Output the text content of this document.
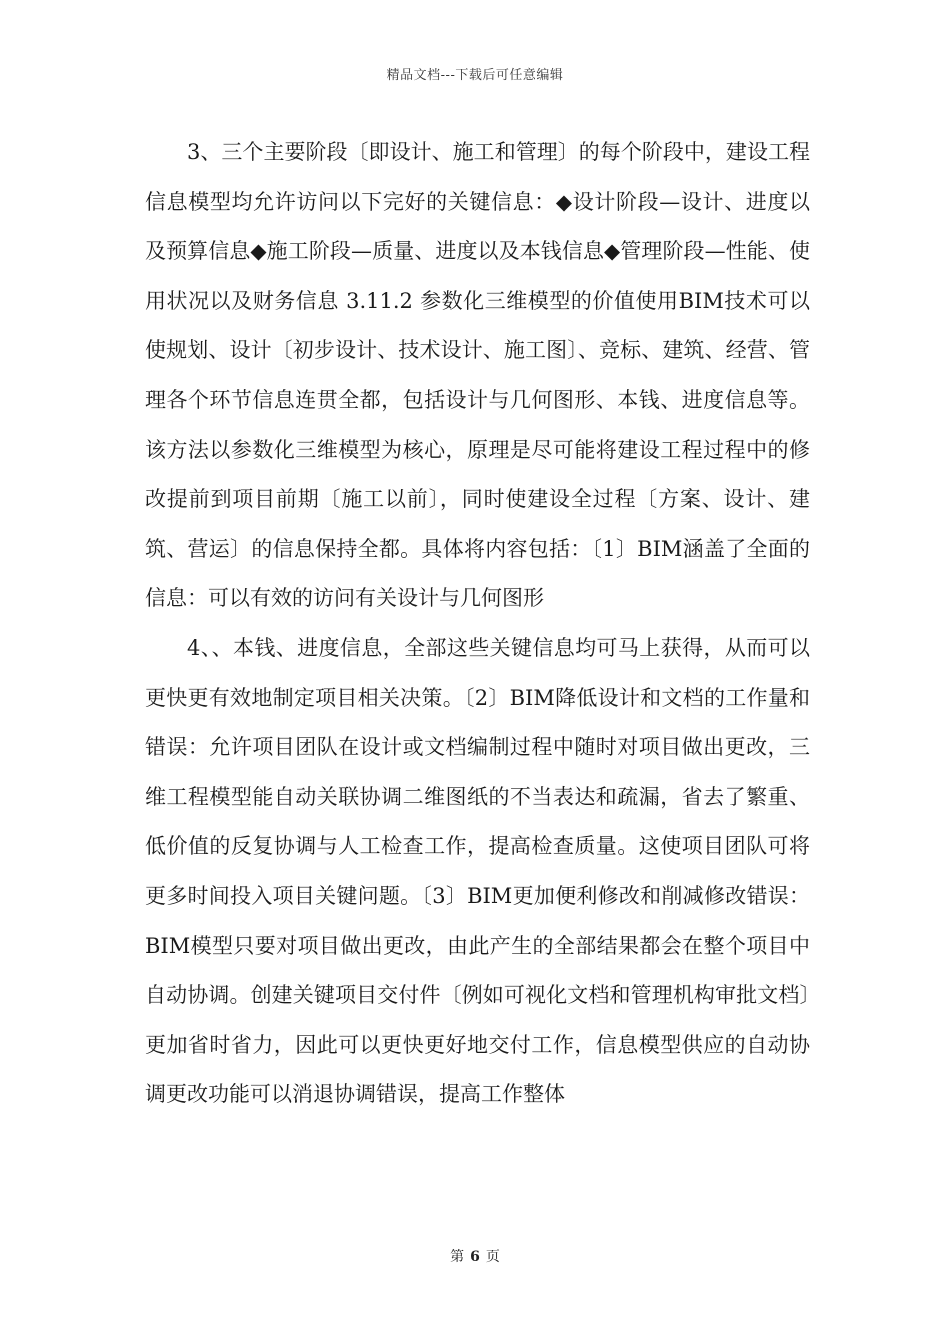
精品文档---下载后可任意编辑

3、三个主要阶段〔即设计、施工和管理〕的每个阶段中，建设工程信息模型均允许访问以下完好的关键信息：◆设计阶段—设计、进度以及预算信息◆施工阶段—质量、进度以及本钱信息◆管理阶段—性能、使用状况以及财务信息 3.11.2 参数化三维模型的价值使用BIM技术可以使规划、设计〔初步设计、技术设计、施工图〕、竞标、建筑、经营、管理各个环节信息连贯全都，包括设计与几何图形、本钱、进度信息等。该方法以参数化三维模型为核心，原理是尽可能将建设工程过程中的修改提前到项目前期〔施工以前〕，同时使建设全过程〔方案、设计、建筑、营运〕的信息保持全都。具体将内容包括：〔1〕BIM涵盖了全面的信息：可以有效的访问有关设计与几何图形

4、、本钱、进度信息，全部这些关键信息均可马上获得，从而可以更快更有效地制定项目相关决策。〔2〕BIM降低设计和文档的工作量和错误：允许项目团队在设计或文档编制过程中随时对项目做出更改，三维工程模型能自动关联协调二维图纸的不当表达和疏漏，省去了繁重、低价值的反复协调与人工检查工作，提高检查质量。这使项目团队可将更多时间投入项目关键问题。〔3〕BIM更加便利修改和削减修改错误：BIM模型只要对项目做出更改，由此产生的全部结果都会在整个项目中自动协调。创建关键项目交付件〔例如可视化文档和管理机构审批文档〕更加省时省力，因此可以更快更好地交付工作，信息模型供应的自动协调更改功能可以消退协调错误，提高工作整体

第 6 页
